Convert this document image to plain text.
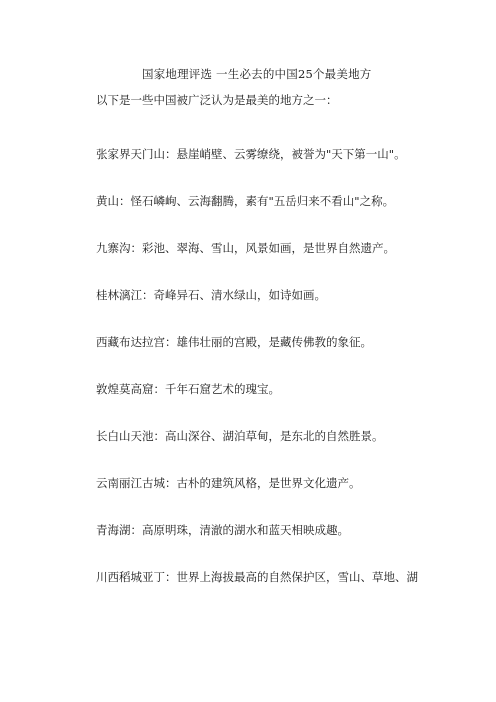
国家地理评选 一生必去的中国25个最美地方
以下是一些中国被广泛认为是最美的地方之一：
张家界天门山：悬崖峭壁、云雾缭绕，被誉为"天下第一山"。
黄山：怪石嶙峋、云海翻腾，素有"五岳归来不看山"之称。
九寨沟：彩池、翠海、雪山，风景如画，是世界自然遗产。
桂林漓江：奇峰异石、清水绿山，如诗如画。
西藏布达拉宫：雄伟壮丽的宫殿，是藏传佛教的象征。
敦煌莫高窟：千年石窟艺术的瑰宝。
长白山天池：高山深谷、湖泊草甸，是东北的自然胜景。
云南丽江古城：古朴的建筑风格，是世界文化遗产。
青海湖：高原明珠，清澈的湖水和蓝天相映成趣。
川西稻城亚丁：世界上海拔最高的自然保护区，雪山、草地、湖
